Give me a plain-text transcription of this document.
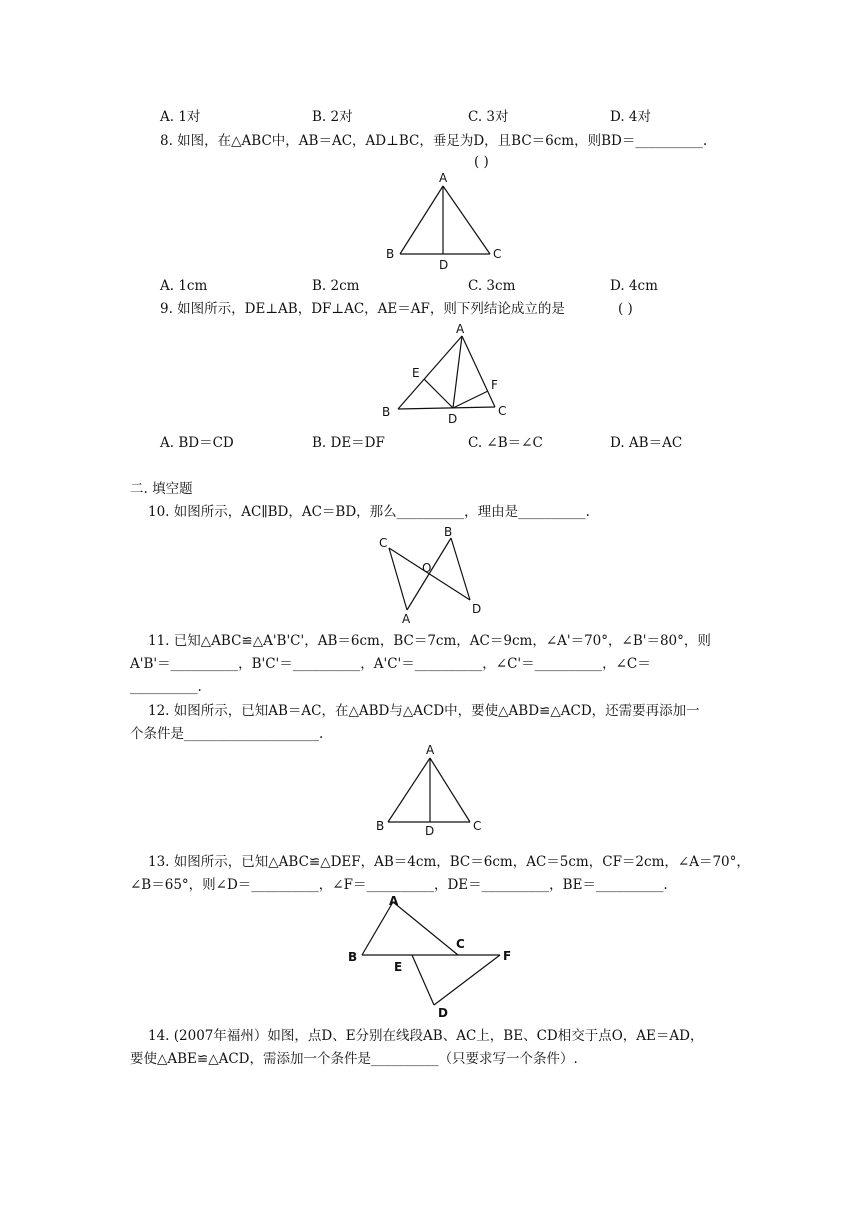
A. 1对	B. 2对	C. 3对	D. 4对
8. 如图，在△ABC中，AB＝AC，AD⊥BC，垂足为D，且BC＝6cm，则BD＝__________.
( )
A
B	C
D
A. 1cm	B. 2cm	C. 3cm	D. 4cm
9. 如图所示，DE⊥AB，DF⊥AC，AE＝AF，则下列结论成立的是	( )
A
B	C
D
E
F
A. BD＝CD	B. DE＝DF	C. ∠B＝∠C	D. AB＝AC
二. 填空题
10. 如图所示，AC∥BD，AC＝BD，那么__________，理由是__________.
C
B
O
A
D
11. 已知△ABC≌△A'B'C'，AB＝6cm，BC＝7cm，AC＝9cm，∠A'＝70°，∠B'＝80°，则
A'B'＝__________，B'C'＝__________，A'C'＝__________，∠C'＝__________，∠C＝
__________.
12. 如图所示，已知AB＝AC，在△ABD与△ACD中，要使△ABD≌△ACD，还需要再添加一
个条件是____________________.
A
B	C
D
13. 如图所示，已知△ABC≌△DEF，AB＝4cm，BC＝6cm，AC＝5cm，CF＝2cm，∠A＝70°，
∠B＝65°，则∠D＝__________，∠F＝__________，DE＝__________，BE＝__________.
A
B
C
E
F
D
14. (2007年福州）如图，点D、E分别在线段AB、AC上，BE、CD相交于点O，AE＝AD，
要使△ABE≌△ACD，需添加一个条件是__________（只要求写一个条件）.
